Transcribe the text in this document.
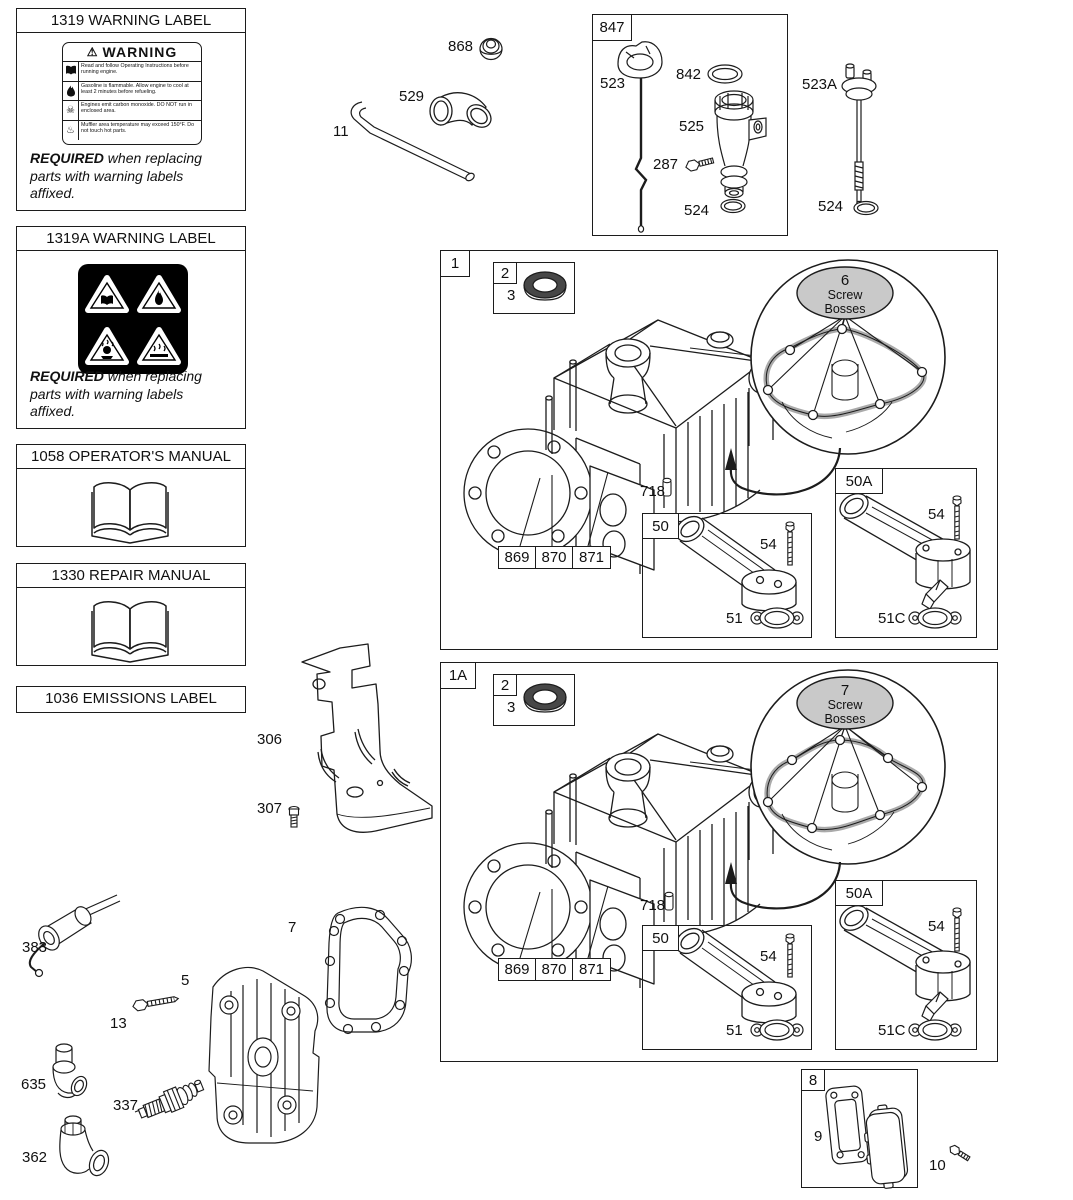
1319 WARNING LABEL
⚠ WARNING
Read and follow Operating Instructions before running engine.
Gasoline is flammable. Allow engine to cool at least 2 minutes before refueling.
☠	Engines emit carbon monoxide. DO NOT run in enclosed area.
♨
Muffler area temperature may exceed 150°F. Do not touch hot parts.
REQUIRED when replacing parts with warning labels affixed.
1319A WARNING LABEL
REQUIRED when replacing parts with warning labels affixed.
1058 OPERATOR'S MANUAL
1330 REPAIR MANUAL
1036 EMISSIONS LABEL
868
529
11
847
523
842
525
287
524
523A
524
1
2
3
6
Screw
Bosses
718
869 870 871
50
54
51
50A
54
51C
1A
2
3
7
Screw
Bosses
718
869 870 871
50
54
51
50A
54
51C
306
307
383
13
5
7
635
337
362
8
9
10
